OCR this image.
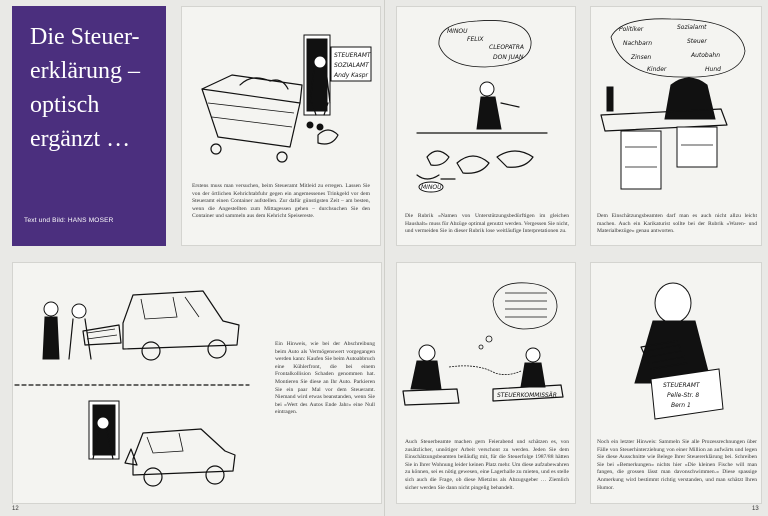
Die Steuer-
erklärung –
optisch
ergänzt …
Text und Bild: HANS MOSER
STEUERAMT
SOZIALAMT
Andy Kaspr
Erstens muss man versuchen, beim Steueramt Mitleid zu erregen. Lassen Sie von der örtlichen Kehrichtabfuhr gegen ein angemessenes Trinkgeld vor dem Steueramt einen Container aufstellen. Zur dafür günstigsten Zeit – am besten, wenn die Angestellten zum Mittagessen gehen – durchsuchen Sie den Container und sammeln aus dem Kehricht Speisereste.
MINOU
FELIX
CLEOPATRA
DON JUAN
MINOU
Die Rubrik »Namen von Unterstützungsbedürftigen im gleichen Haushalt« muss für Abzüge optimal genutzt werden. Vergessen Sie nicht, und vermeiden Sie in dieser Rubrik lose weitläufige Interpretationen zu.
Politiker	Sozialamt
Nachbarn	Steuer
Zinsen	Autobahn
Kinder	Hund
Dem Einschätzungsbeamten darf man es auch nicht allzu leicht machen. Auch ein Karikaturist sollte bei der Rubrik »Waren- und Materialbezüge« genau antworten.
Ein Hinweis, wie bei der Abschreibung beim Auto als Vermögenswert vorgegangen werden kann: Kaufen Sie beim Autoabbruch eine Kühlerfront, die bei einem Frontalkollision Schaden genommen hat. Montieren Sie diese an Ihr Auto. Parkieren Sie ein paar Mal vor dem Steueramt. Niemand wird etwas beanstanden, wenn Sie bei »Wert des Autos Ende Jahr« eine Null eintragen.
STEUERKOMMISSÄR
Auch Steuerbeamte machen gern Feierabend und schätzen es, von zusätzlicher, unnötiger Arbeit verschont zu werden. Jeden Sie dem Einschätzungsbeamten beiläufig mit, für die Steuerfolge 1987/88 hätten Sie in Ihrer Wohnung leider keinen Platz mehr. Um diese aufzubewahren zu können, sei es nötig gewesen, eine Lagerhalle zu mieten, und es stelle sich auch die Frage, ob diese Mietzins als Abzugsgeber … Ziemlich sicher werden Sie dann nicht pingelig behandelt.
STEUERAMT
Pelle-Str. 8
Bern 1
Noch ein letzter Hinweis: Sammeln Sie alle Prozessrechnungen über Fälle von Steuerhinterziehung von einer Million an aufwärts und legen Sie diese Ausschnitte wie Belege Ihrer Steuererklärung bei. Schreiben Sie bei »Bemerkungen« nichts hier »Die kleinen Fische will man fangen, die grossen lässt man davonschwimmen.« Diese spassige Anmerkung wird bestimmt richtig verstanden, und man schätzt Ihren Humor.
12	13
